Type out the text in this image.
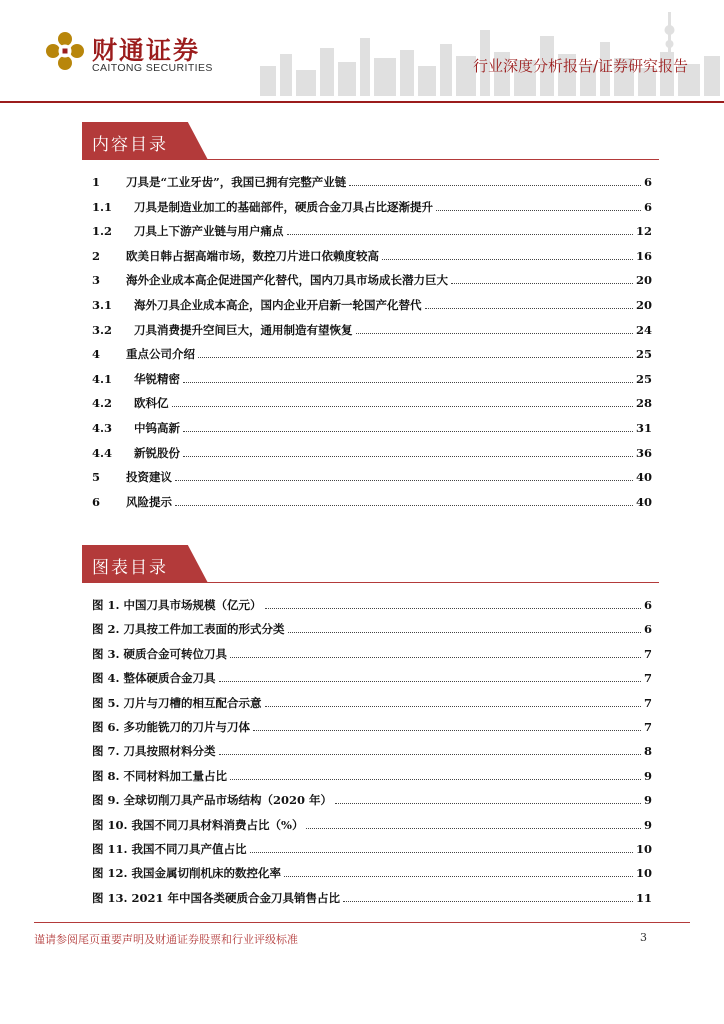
财通证券
CAITONG SECURITIES	行业深度分析报告/证券研究报告
内容目录
1	刀具是“工业牙齿”，我国已拥有完整产业链	6
1.1	刀具是制造业加工的基础部件，硬质合金刀具占比逐渐提升	6
1.2	刀具上下游产业链与用户痛点	12
2	欧美日韩占据高端市场，数控刀片进口依赖度较高	16
3	海外企业成本高企促进国产化替代，国内刀具市场成长潜力巨大	20
3.1	海外刀具企业成本高企，国内企业开启新一轮国产化替代	20
3.2	刀具消费提升空间巨大，通用制造有望恢复	24
4	重点公司介绍	25
4.1	华锐精密	25
4.2	欧科亿	28
4.3	中钨高新	31
4.4	新锐股份	36
5	投资建议	40
6	风险提示	40
图表目录
图 1. 中国刀具市场规模（亿元）	6
图 2. 刀具按工件加工表面的形式分类	6
图 3. 硬质合金可转位刀具	7
图 4. 整体硬质合金刀具	7
图 5. 刀片与刀槽的相互配合示意	7
图 6. 多功能铣刀的刀片与刀体	7
图 7. 刀具按照材料分类	8
图 8. 不同材料加工量占比	9
图 9. 全球切削刀具产品市场结构（2020 年）	9
图 10. 我国不同刀具材料消费占比（%）	9
图 11. 我国不同刀具产值占比	10
图 12. 我国金属切削机床的数控化率	10
图 13. 2021 年中国各类硬质合金刀具销售占比	11
谨请参阅尾页重要声明及财通证券股票和行业评级标准	3
